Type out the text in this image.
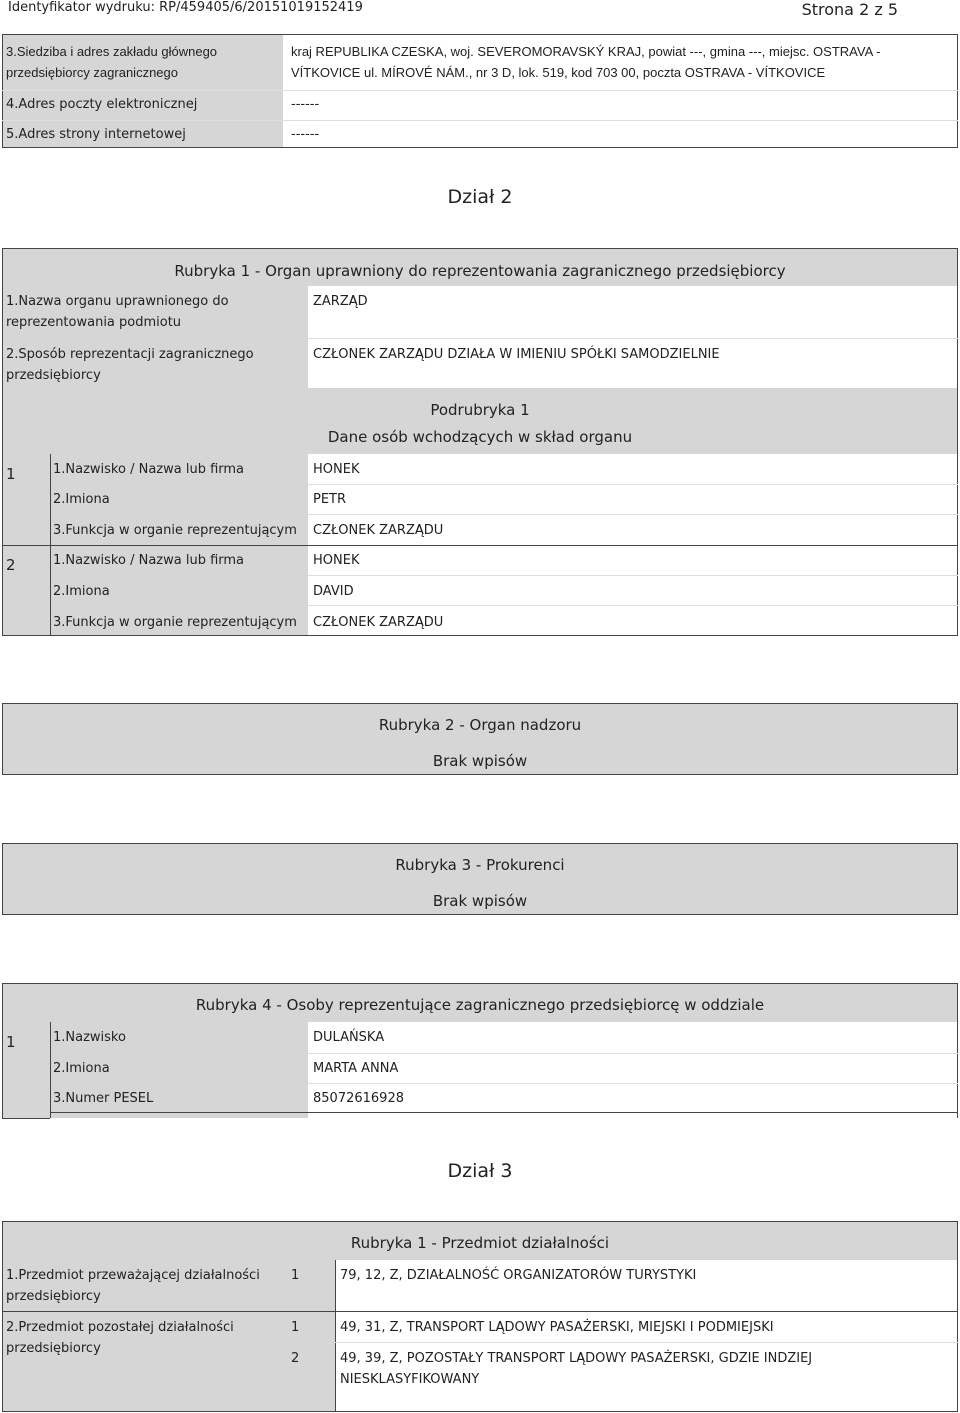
Identyfikator wydruku: RP/459405/6/20151019152419	Strona 2 z 5
3.Siedziba i adres zakładu głównego
przedsiębiorcy zagranicznego
kraj REPUBLIKA CZESKA, woj. SEVEROMORAVSKÝ KRAJ, powiat ---, gmina ---, miejsc. OSTRAVA -
VÍTKOVICE ul. MÍROVÉ NÁM., nr 3 D, lok. 519, kod 703 00, poczta OSTRAVA - VÍTKOVICE
4.Adres poczty elektronicznej	------
5.Adres strony internetowej	------
Dział 2
Rubryka 1 - Organ uprawniony do reprezentowania zagranicznego przedsiębiorcy
1.Nazwa organu uprawnionego do
reprezentowania podmiotu
ZARZĄD
2.Sposób reprezentacji zagranicznego
przedsiębiorcy
CZŁONEK ZARZĄDU DZIAŁA W IMIENIU SPÓŁKI SAMODZIELNIE
Podrubryka 1
Dane osób wchodzących w skład organu
1	1.Nazwisko / Nazwa lub firma	HONEK
2.Imiona	PETR
3.Funkcja w organie reprezentującym CZŁONEK ZARZĄDU
2	1.Nazwisko / Nazwa lub firma	HONEK
2.Imiona	DAVID
3.Funkcja w organie reprezentującym CZŁONEK ZARZĄDU
Rubryka 2 - Organ nadzoru
Brak wpisów
Rubryka 3 - Prokurenci
Brak wpisów
Rubryka 4 - Osoby reprezentujące zagranicznego przedsiębiorcę w oddziale
1	1.Nazwisko	DULAŃSKA
2.Imiona	MARTA ANNA
3.Numer PESEL	85072616928
Dział 3
Rubryka 1 - Przedmiot działalności
1.Przedmiot przeważającej działalności
przedsiębiorcy
1	79, 12, Z, DZIAŁALNOŚĆ ORGANIZATORÓW TURYSTYKI
2.Przedmiot pozostałej działalności
przedsiębiorcy
1	49, 31, Z, TRANSPORT LĄDOWY PASAŻERSKI, MIEJSKI I PODMIEJSKI
2	49, 39, Z, POZOSTAŁY TRANSPORT LĄDOWY PASAŻERSKI, GDZIE INDZIEJ
NIESKLASYFIKOWANY
